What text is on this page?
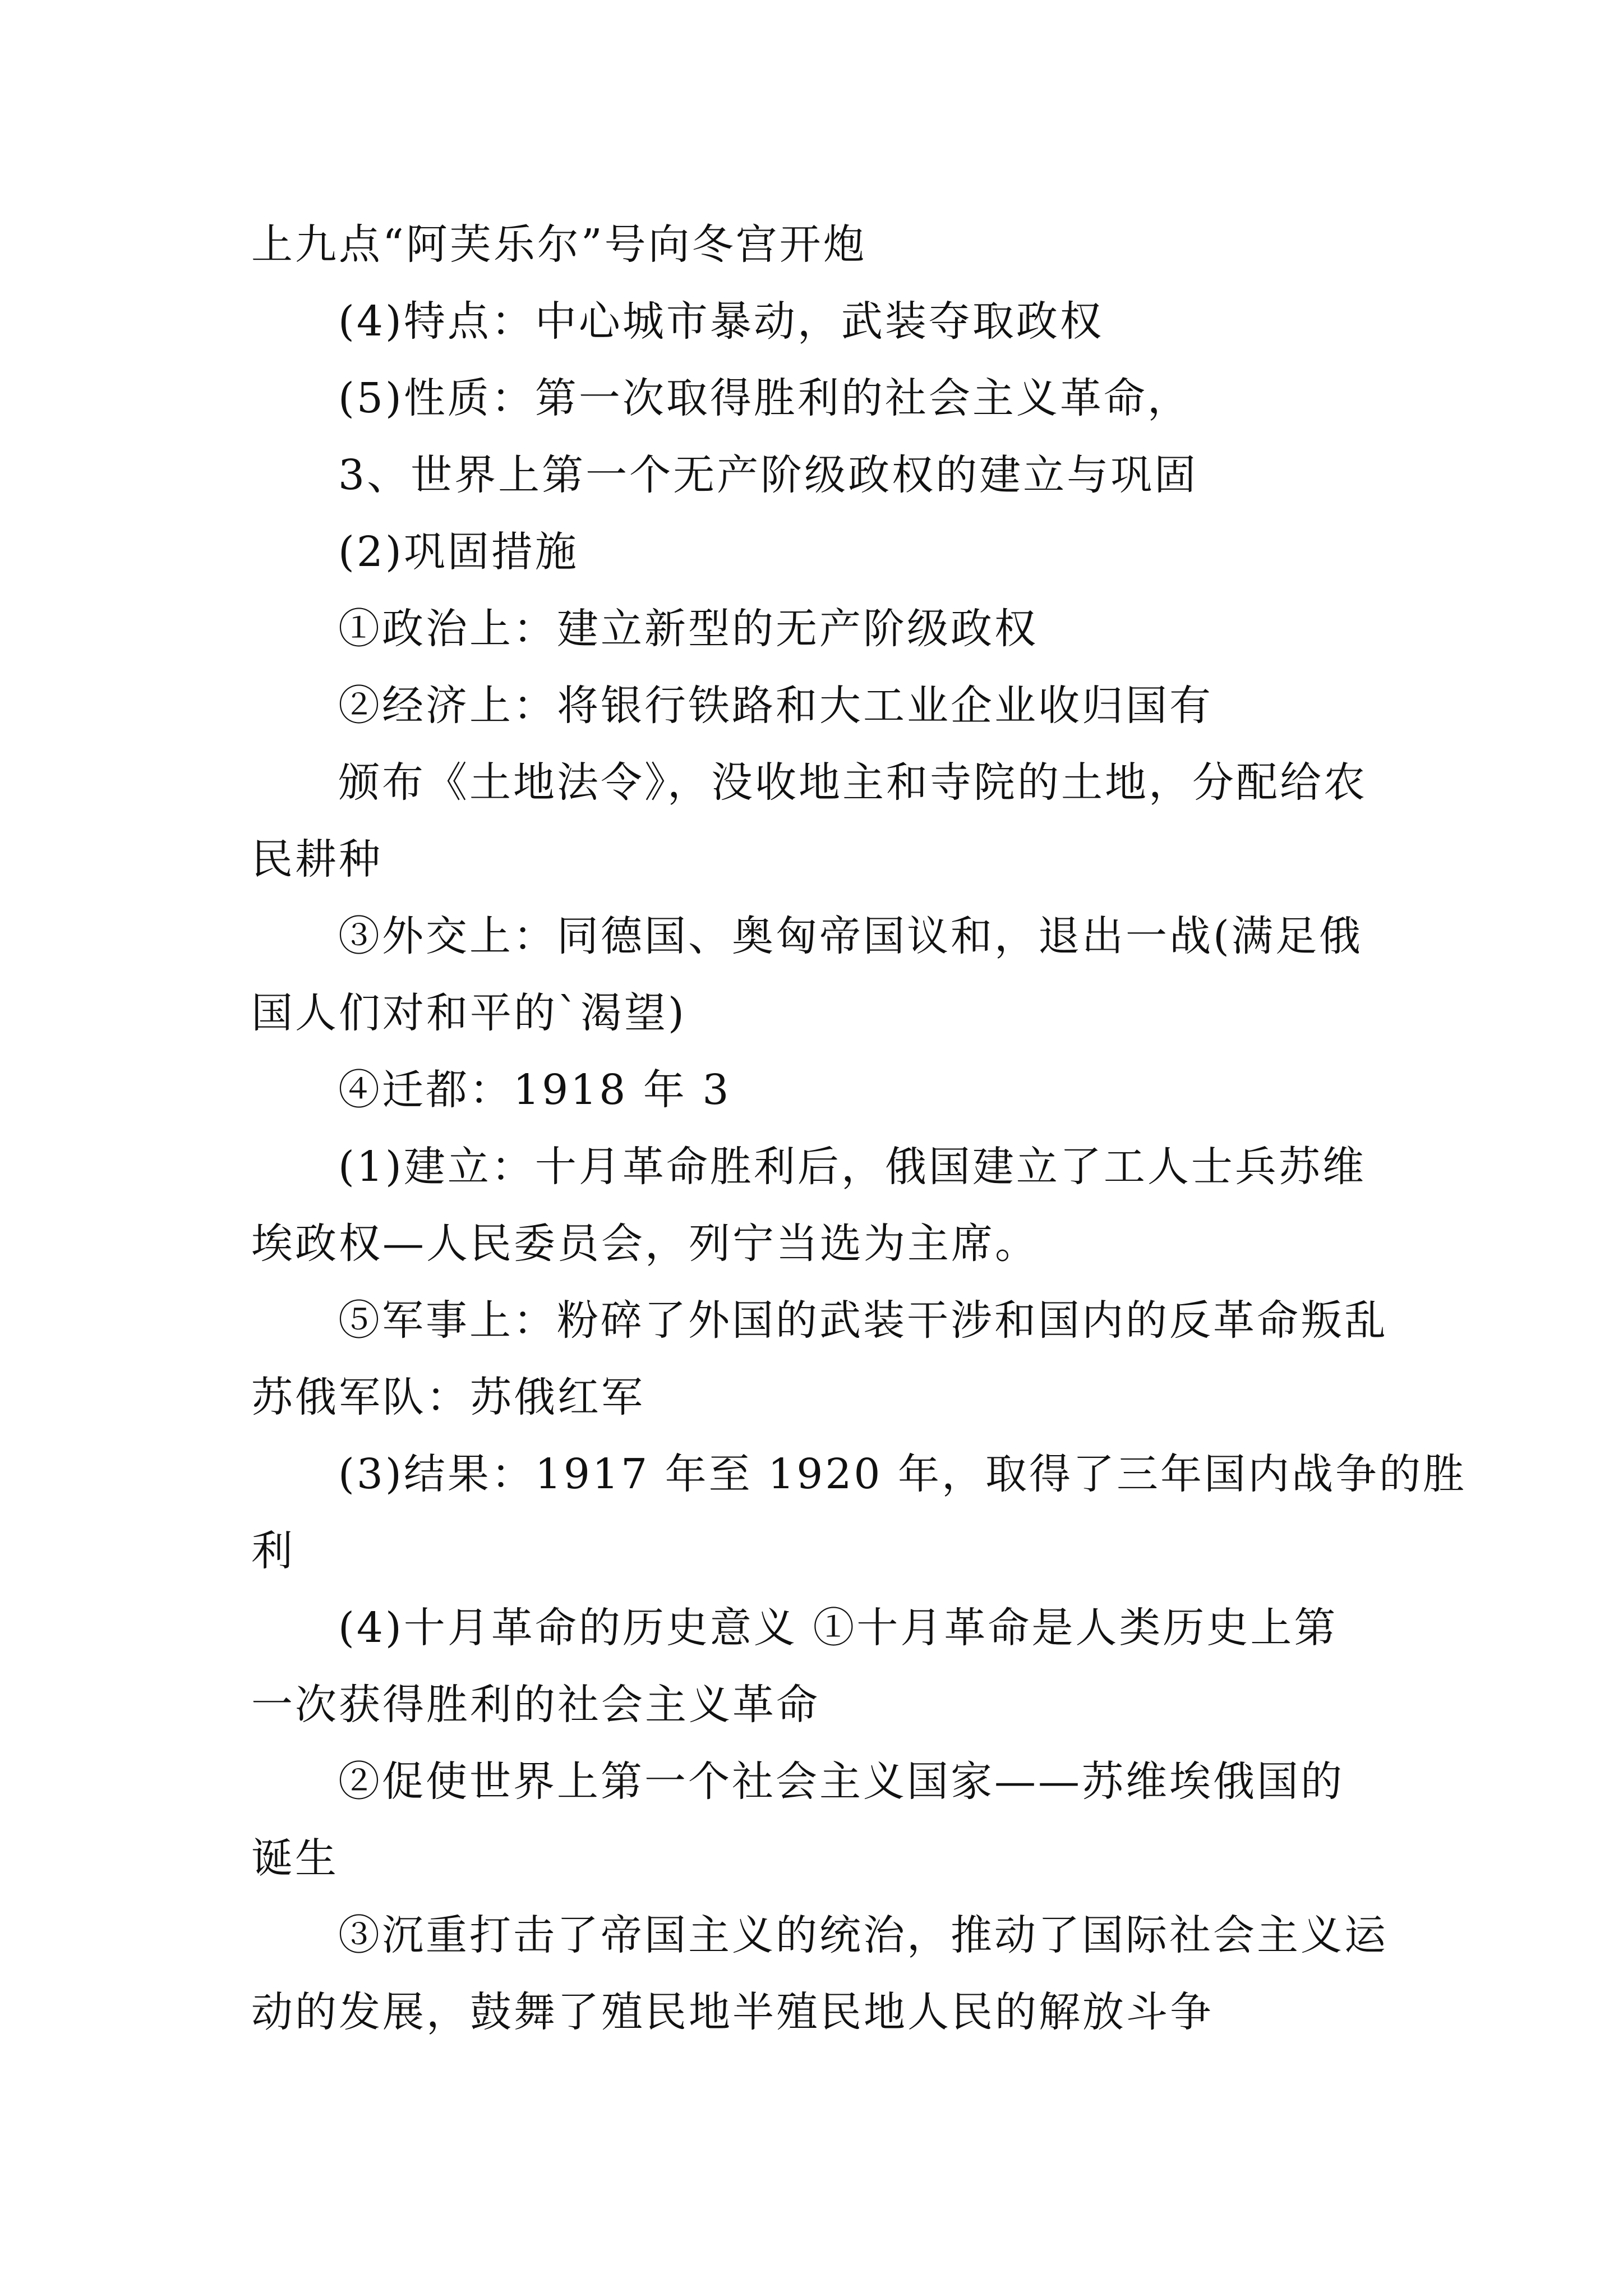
上九点“阿芙乐尔”号向冬宫开炮
(4)特点：中心城市暴动，武装夺取政权
(5)性质：第一次取得胜利的社会主义革命，
3、世界上第一个无产阶级政权的建立与巩固
(2)巩固措施
①政治上：建立新型的无产阶级政权
②经济上：将银行铁路和大工业企业收归国有
颁布《土地法令》，没收地主和寺院的土地，分配给农
民耕种
③外交上：同德国、奥匈帝国议和，退出一战(满足俄
国人们对和平的`渴望)
④迁都：1918 年 3
(1)建立：十月革命胜利后，俄国建立了工人士兵苏维
埃政权—人民委员会，列宁当选为主席。
⑤军事上：粉碎了外国的武装干涉和国内的反革命叛乱
苏俄军队：苏俄红军
(3)结果：1917 年至 1920 年，取得了三年国内战争的胜
利
(4)十月革命的历史意义 ①十月革命是人类历史上第
一次获得胜利的社会主义革命
②促使世界上第一个社会主义国家——苏维埃俄国的
诞生
③沉重打击了帝国主义的统治，推动了国际社会主义运
动的发展，鼓舞了殖民地半殖民地人民的解放斗争
